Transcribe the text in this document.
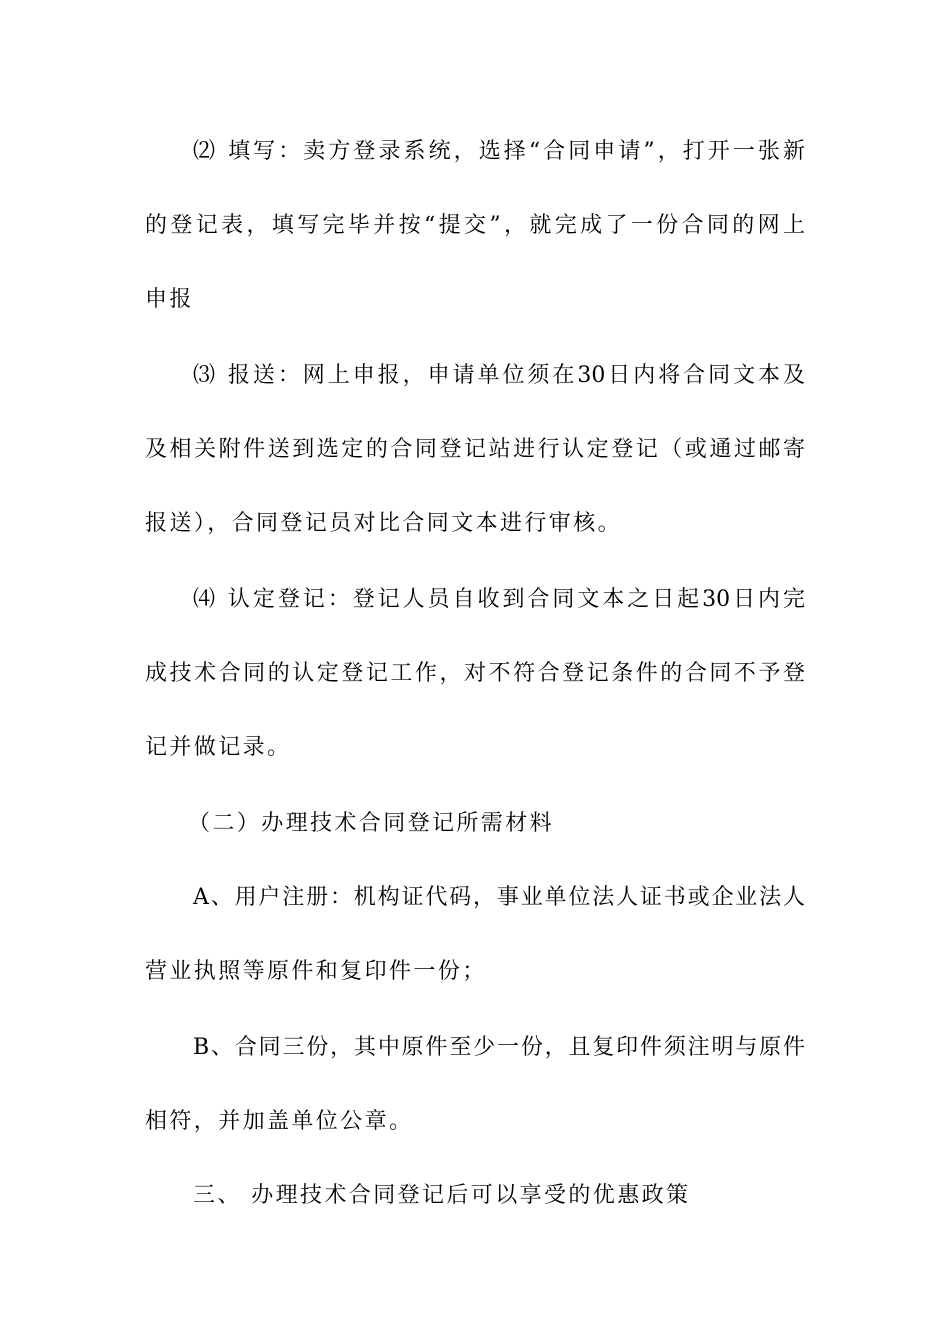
⑵ 填写：卖方登录系统，选择“合同申请”，打开一张新
的登记表，填写完毕并按“提交”，就完成了一份合同的网上
申报
⑶ 报送：网上申报，申请单位须在30日内将合同文本及
及相关附件送到选定的合同登记站进行认定登记（或通过邮寄
报送），合同登记员对比合同文本进行审核。
⑷ 认定登记：登记人员自收到合同文本之日起30日内完
成技术合同的认定登记工作，对不符合登记条件的合同不予登
记并做记录。
（二）办理技术合同登记所需材料
A、用户注册：机构证代码，事业单位法人证书或企业法人
营业执照等原件和复印件一份；
B、合同三份，其中原件至少一份，且复印件须注明与原件
相符，并加盖单位公章。
三、 办理技术合同登记后可以享受的优惠政策
